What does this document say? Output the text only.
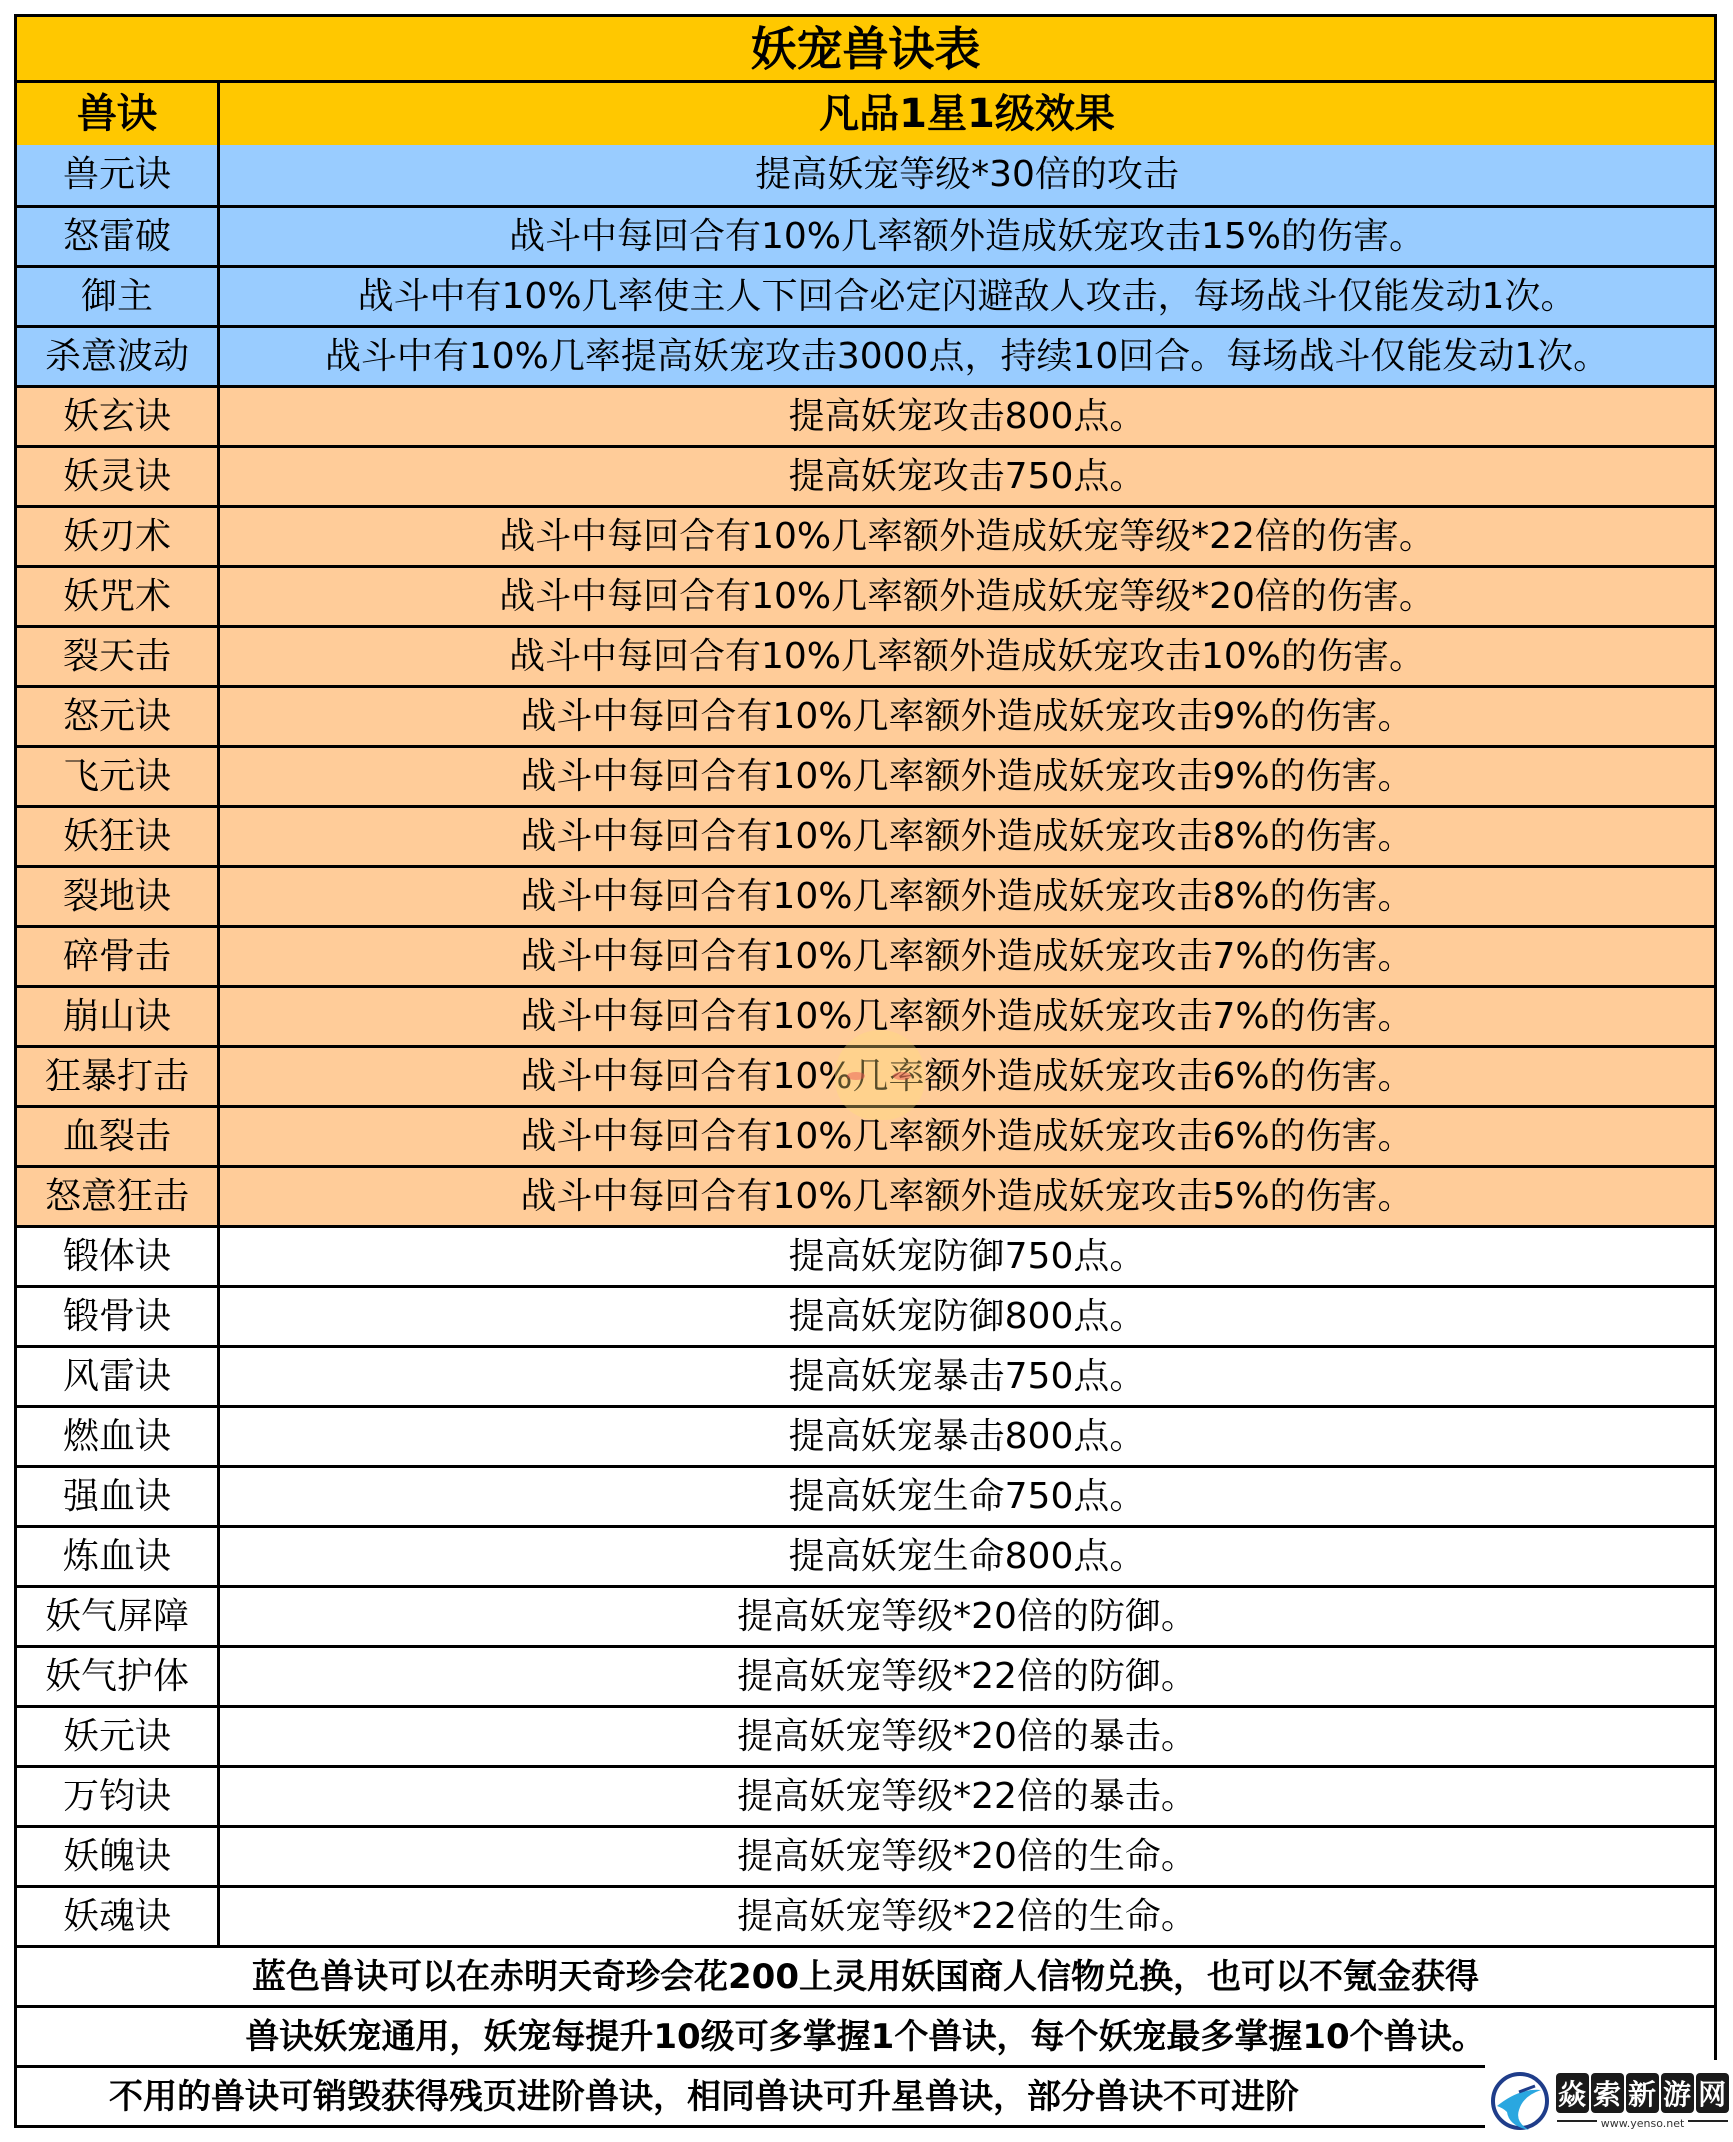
妖宠兽诀表
兽诀	凡品1星1级效果
兽元诀	提高妖宠等级*30倍的攻击
怒雷破	战斗中每回合有10%几率额外造成妖宠攻击15%的伤害。
御主	战斗中有10%几率使主人下回合必定闪避敌人攻击，每场战斗仅能发动1次。
杀意波动	战斗中有10%几率提高妖宠攻击3000点，持续10回合。每场战斗仅能发动1次。
妖玄诀	提高妖宠攻击800点。
妖灵诀	提高妖宠攻击750点。
妖刃术	战斗中每回合有10%几率额外造成妖宠等级*22倍的伤害。
妖咒术	战斗中每回合有10%几率额外造成妖宠等级*20倍的伤害。
裂天击	战斗中每回合有10%几率额外造成妖宠攻击10%的伤害。
怒元诀	战斗中每回合有10%几率额外造成妖宠攻击9%的伤害。
飞元诀	战斗中每回合有10%几率额外造成妖宠攻击9%的伤害。
妖狂诀	战斗中每回合有10%几率额外造成妖宠攻击8%的伤害。
裂地诀	战斗中每回合有10%几率额外造成妖宠攻击8%的伤害。
碎骨击	战斗中每回合有10%几率额外造成妖宠攻击7%的伤害。
崩山诀	战斗中每回合有10%几率额外造成妖宠攻击7%的伤害。
狂暴打击	战斗中每回合有10%几率额外造成妖宠攻击6%的伤害。
血裂击	战斗中每回合有10%几率额外造成妖宠攻击6%的伤害。
怒意狂击	战斗中每回合有10%几率额外造成妖宠攻击5%的伤害。
锻体诀	提高妖宠防御750点。
锻骨诀	提高妖宠防御800点。
风雷诀	提高妖宠暴击750点。
燃血诀	提高妖宠暴击800点。
强血诀	提高妖宠生命750点。
炼血诀	提高妖宠生命800点。
妖气屏障	提高妖宠等级*20倍的防御。
妖气护体	提高妖宠等级*22倍的防御。
妖元诀	提高妖宠等级*20倍的暴击。
万钧诀	提高妖宠等级*22倍的暴击。
妖魄诀	提高妖宠等级*20倍的生命。
妖魂诀	提高妖宠等级*22倍的生命。
蓝色兽诀可以在赤明天奇珍会花200上灵用妖国商人信物兑换，也可以不氪金获得
兽诀妖宠通用，妖宠每提升10级可多掌握1个兽诀，每个妖宠最多掌握10个兽诀。
不用的兽诀可销毁获得残页进阶兽诀，相同兽诀可升星兽诀，部分兽诀不可进阶	焱 索 新 游 网
www.yenso.net
